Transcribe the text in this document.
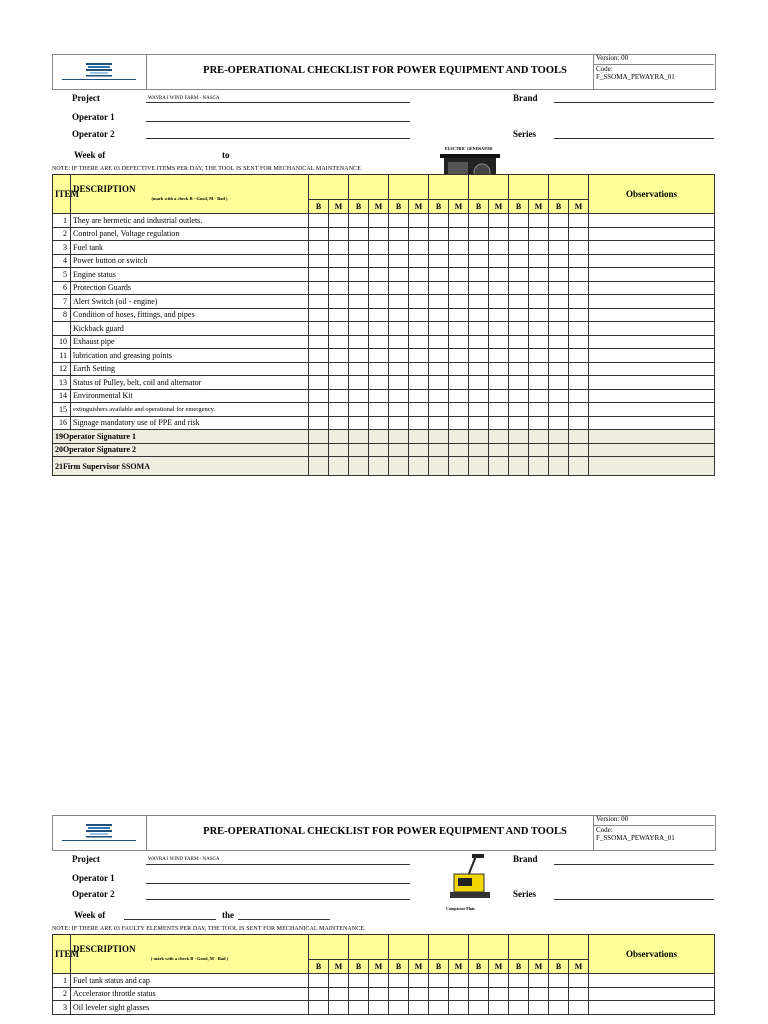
PRE-OPERATIONAL CHECKLIST FOR POWER EQUIPMENT AND TOOLS
Version: 00
Code:
F_SSOMA_PEWAYRA_01
Project	WAYRA I WIND FARM - NASCA	Brand
Operator 1
Operator 2	Series
Week of	to
ELECTRIC GENERATOR
NOTE: IF THERE ARE 03 DEFECTIVE ITEMS PER DAY, THE TOOL IS SENT FOR MECHANICAL MAINTENANCE
ITEM	DESCRIPTION
(mark with a check B - Good, M - Bad )															Observations
		B	M	B	M	B	M	B	M	B	M	B	M	B	M	
1	They are hermetic and industrial outlets.															
2	Control panel, Voltage regulation															
3	Fuel tank															
4	Power button or switch															
5	Engine status															
6	Protection Guards															
7	Alert Switch (oil - engine)															
8	Condition of hoses, fittings, and pipes															
	Kickback guard															
10	Exhaust pipe															
11	lubrication and greasing points															
12	Earth Setting															
13	Status of Pulley, belt, coil and alternator															
14	Environmental Kit															
15	extinguishers available and operational for emergency.															
16	Signage mandatory use of PPE and risk															
19Operator Signature 1																
20Operator Signature 2																
21Firm Supervisor SSOMA																
PRE-OPERATIONAL CHECKLIST FOR POWER EQUIPMENT AND TOOLS
Version: 00
Code:
F_SSOMA_PEWAYRA_01
Project	WAYRA I WIND FARM - NASCA	Brand
Operator 1
Operator 2	Series
Week of	the
Compactor Plate
NOTE: IF THERE ARE 03 FAULTY ELEMENTS PER DAY, THE TOOL IS SENT FOR MECHANICAL MAINTENANCE.
ITEM	DESCRIPTION
( mark with a check B - Good, M - Bad )															Observations
		B	M	B	M	B	M	B	M	B	M	B	M	B	M	
1	Fuel tank status and cap															
2	Accelerator throttle status															
3	Oil leveler sight glasses															
